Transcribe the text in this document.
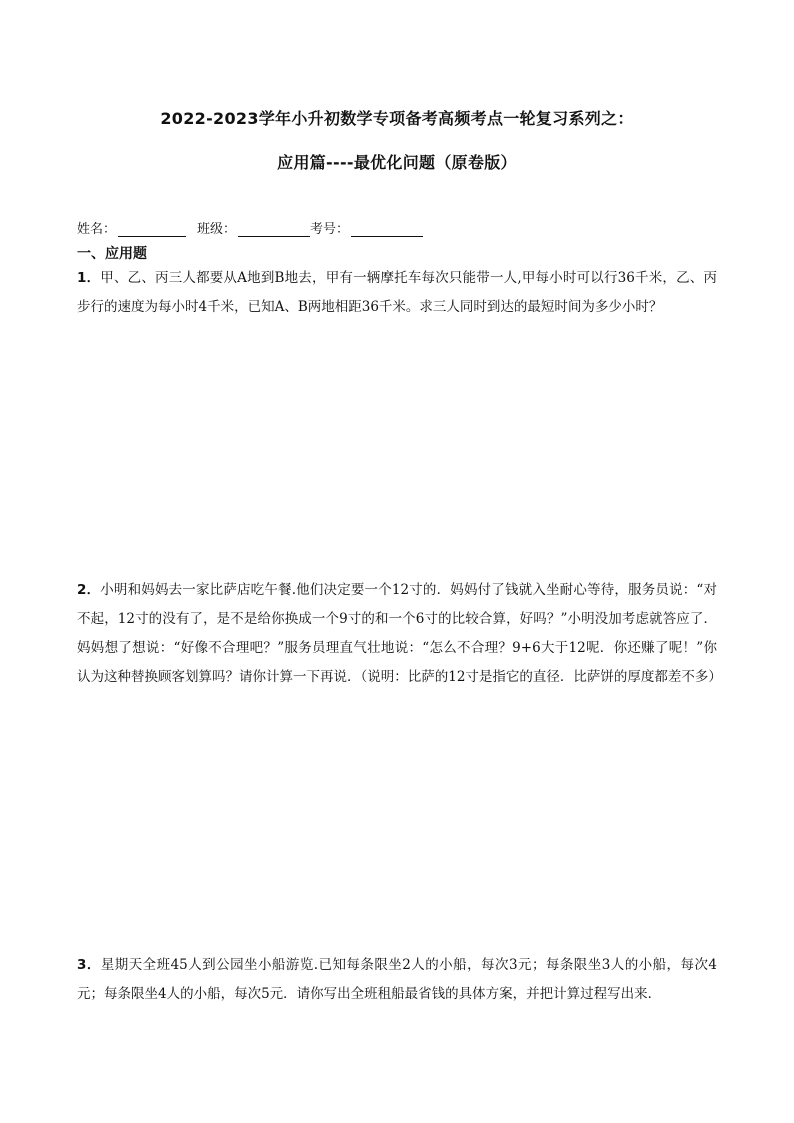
2022-2023学年小升初数学专项备考高频考点一轮复习系列之：
应用篇----最优化问题（原卷版）
姓名：	班级：	考号：
一、应用题
1．甲、乙、丙三人都要从A地到B地去，甲有一辆摩托车每次只能带一人,甲每小时可以行36千米，乙、丙步行的速度为每小时4千米，已知A、B两地相距36千米。求三人同时到达的最短时间为多少小时？
2．小明和妈妈去一家比萨店吃午餐.他们决定要一个12寸的．妈妈付了钱就入坐耐心等待，服务员说：“对不起，12寸的没有了，是不是给你换成一个9寸的和一个6寸的比较合算，好吗？”小明没加考虑就答应了．妈妈想了想说：“好像不合理吧？”服务员理直气壮地说：“怎么不合理？9+6大于12呢．你还赚了呢！”你认为这种替换顾客划算吗？请你计算一下再说．（说明：比萨的12寸是指它的直径．比萨饼的厚度都差不多）
3．星期天全班45人到公园坐小船游览.已知每条限坐2人的小船，每次3元；每条限坐3人的小船，每次4元；每条限坐4人的小船，每次5元．请你写出全班租船最省钱的具体方案，并把计算过程写出来．
